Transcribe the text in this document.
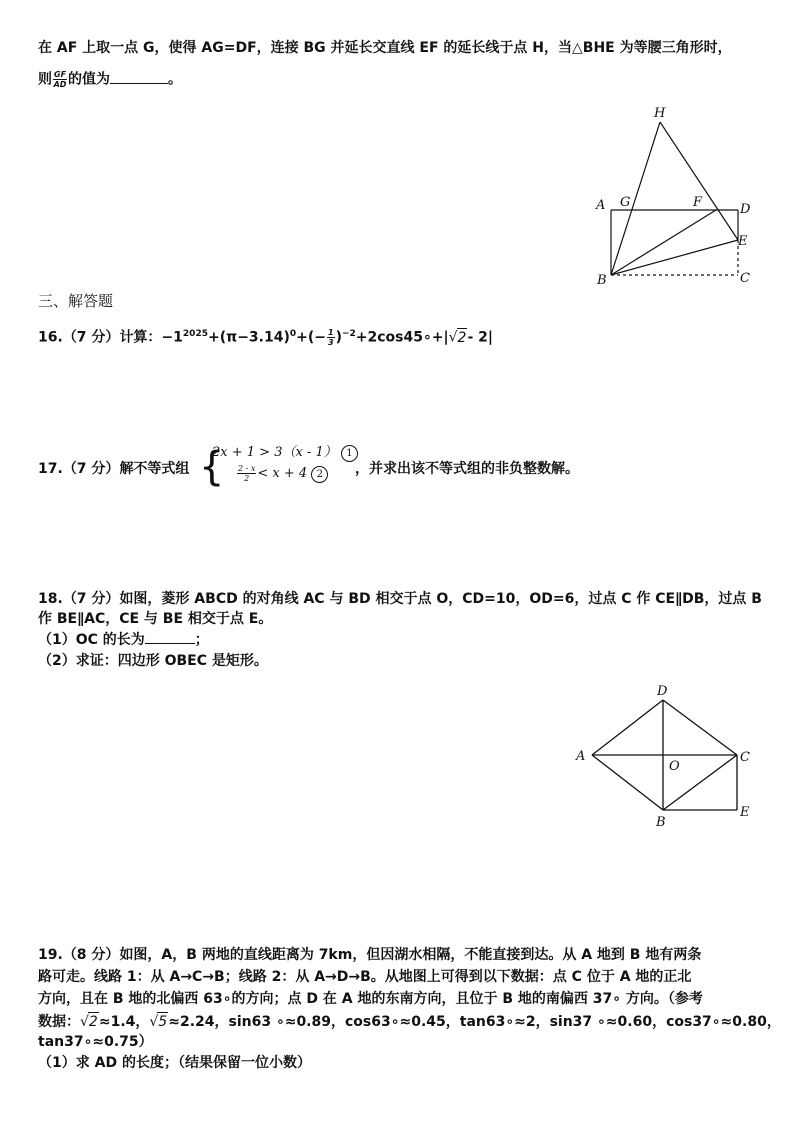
在 AF 上取一点 G，使得 AG=DF，连接 BG 并延长交直线 EF 的延长线于点 H，当△BHE 为等腰三角形时，
则 $\frac{GF}{AD}$ 的值为	。
H
A G	F	D
E
B	C
三、解答题
16.（7 分）计算：$-1^{2025}+(\pi-3.14)^0+(- \frac{1}{3}$ )$^{-2}+2\cos 45\circ+|√2-$ 2|
17.（7 分）解不等式组 {
2x + 1 > 3（x - 1） 1
$\frac{2 - x}{2} < x + 4$ 2	，并求出该不等式组的非负整数解。
18.（7 分）如图，菱形 ABCD 的对角线 AC 与 BD 相交于点 O，CD=10，OD=6，过点 C 作 CE∥DB，过点 B
作 BE∥AC，CE 与 BE 相交于点 E。
（1）OC 的长为	；
（2）求证：四边形 OBEC 是矩形。
D
A
O
C
B
E
19.（8 分）如图，A，B 两地的直线距离为 7km，但因湖水相隔，不能直接到达。从 A 地到 B 地有两条
路可走。线路 1：从 A→C→B；线路 2：从 A→D→B。从地图上可得到以下数据：点 C 位于 A 地的正北
方向，且在 B 地的北偏西 63∘的方向；点 D 在 A 地的东南方向，且位于 B 地的南偏西 37∘ 方向。（参考
数据：√2≈1.4，√5≈2.24，sin63 ∘≈0.89，cos63∘≈0.45，tan63∘≈2，sin37 ∘≈0.60，cos37∘≈0.80，
tan37∘≈0.75）
（1）求 AD 的长度；（结果保留一位小数）
